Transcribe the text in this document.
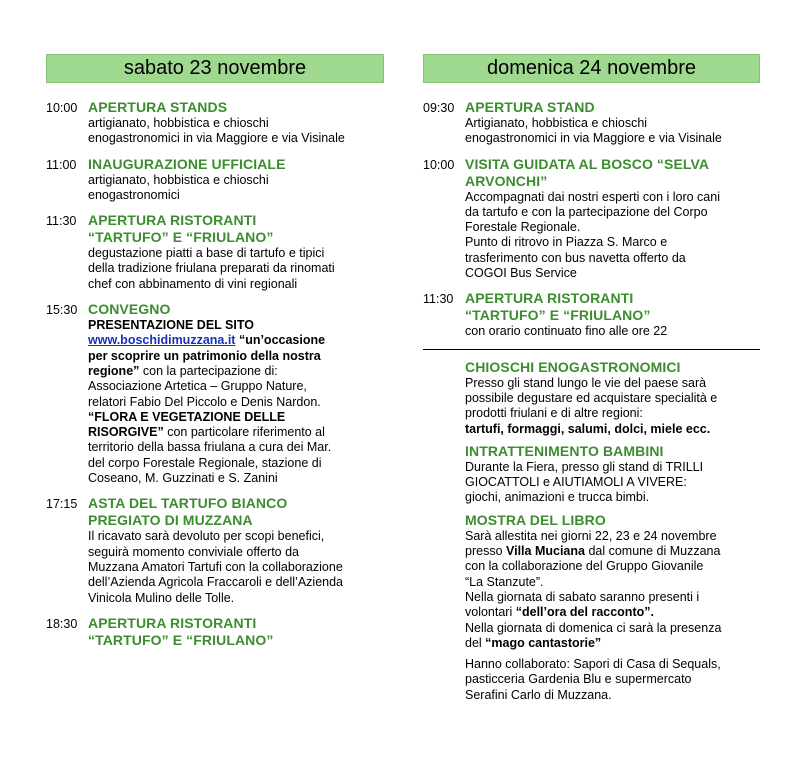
sabato 23 novembre
10:00 APERTURA STANDS
artigianato, hobbistica e chioschi
enogastronomici in via Maggiore e via Visinale
11:00 INAUGURAZIONE UFFICIALE
artigianato, hobbistica e chioschi
enogastronomici
11:30 APERTURA RISTORANTI
“TARTUFO” E “FRIULANO”
degustazione piatti a base di tartufo e tipici
della tradizione friulana preparati da rinomati
chef con abbinamento di vini regionali
15:30 CONVEGNO
PRESENTAZIONE DEL SITO
www.boschidimuzzana.it “un’occasione
per scoprire un patrimonio della nostra
regione” con la partecipazione di:
Associazione Artetica – Gruppo Nature,
relatori Fabio Del Piccolo e Denis Nardon.
“FLORA E VEGETAZIONE DELLE
RISORGIVE” con particolare riferimento al
territorio della bassa friulana a cura dei Mar.
del corpo Forestale Regionale, stazione di
Coseano, M. Guzzinati e S. Zanini
17:15 ASTA DEL TARTUFO BIANCO
PREGIATO DI MUZZANA
Il ricavato sarà devoluto per scopi benefici,
seguirà momento conviviale offerto da
Muzzana Amatori Tartufi con la collaborazione
dell’Azienda Agricola Fraccaroli e dell’Azienda
Vinicola Mulino delle Tolle.
18:30 APERTURA RISTORANTI
“TARTUFO” E “FRIULANO”
domenica 24 novembre
09:30 APERTURA STAND
Artigianato, hobbistica e chioschi
enogastronomici in via Maggiore e via Visinale
10:00 VISITA GUIDATA AL BOSCO “SELVA
ARVONCHI”
Accompagnati dai nostri esperti con i loro cani
da tartufo e con la partecipazione del Corpo
Forestale Regionale.
Punto di ritrovo in Piazza S. Marco e
trasferimento con bus navetta offerto da
COGOI Bus Service
11:30 APERTURA RISTORANTI
“TARTUFO” E “FRIULANO”
con orario continuato fino alle ore 22
CHIOSCHI ENOGASTRONOMICI
Presso gli stand lungo le vie del paese sarà
possibile degustare ed acquistare specialità e
prodotti friulani e di altre regioni:
tartufi, formaggi, salumi, dolci, miele ecc.
INTRATTENIMENTO BAMBINI
Durante la Fiera, presso gli stand di TRILLI
GIOCATTOLI e AIUTIAMOLI A VIVERE:
giochi, animazioni e trucca bimbi.
MOSTRA DEL LIBRO
Sarà allestita nei giorni 22, 23 e 24 novembre
presso Villa Muciana dal comune di Muzzana
con la collaborazione del Gruppo Giovanile
“La Stanzute”.
Nella giornata di sabato saranno presenti i
volontari “dell’ora del racconto”.
Nella giornata di domenica ci sarà la presenza
del “mago cantastorie”
Hanno collaborato: Sapori di Casa di Sequals,
pasticceria Gardenia Blu e supermercato
Serafini Carlo di Muzzana.
